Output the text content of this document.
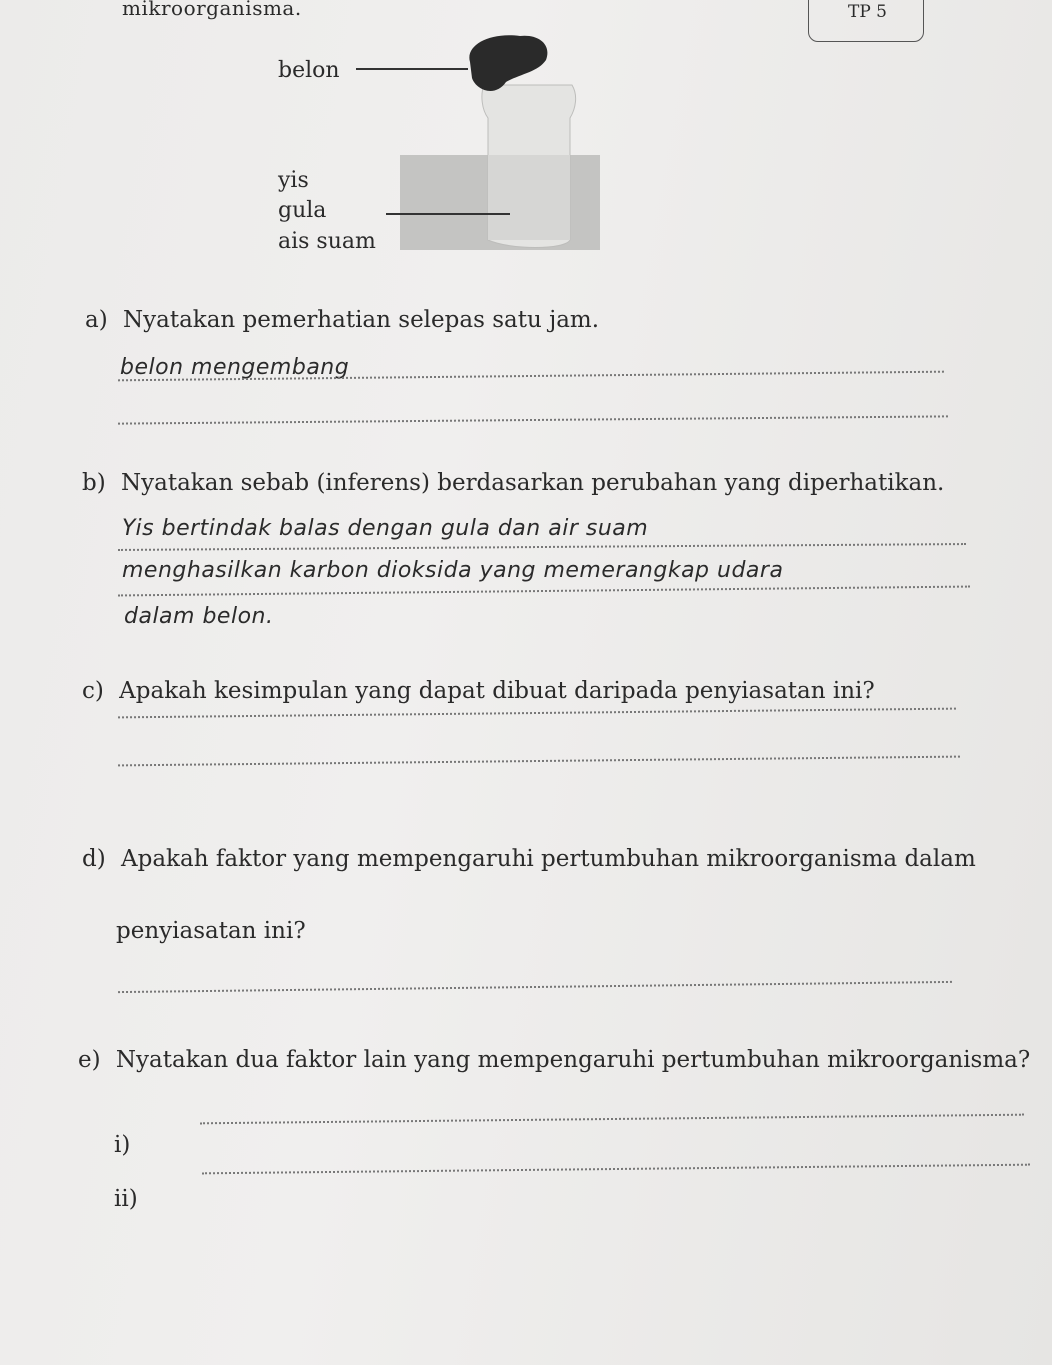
mikroorganisma.	TP 5
belon
yis
gula
ais suam
a) Nyatakan pemerhatian selepas satu jam.
belon mengembang
b) Nyatakan sebab (inferens) berdasarkan perubahan yang diperhatikan.
Yis bertindak balas dengan gula dan air suam
menghasilkan karbon dioksida yang memerangkap udara
dalam belon.
c) Apakah kesimpulan yang dapat dibuat daripada penyiasatan ini?
d) Apakah faktor yang mempengaruhi pertumbuhan mikroorganisma dalam
penyiasatan ini?
e) Nyatakan dua faktor lain yang mempengaruhi pertumbuhan mikroorganisma?
i)
ii)
